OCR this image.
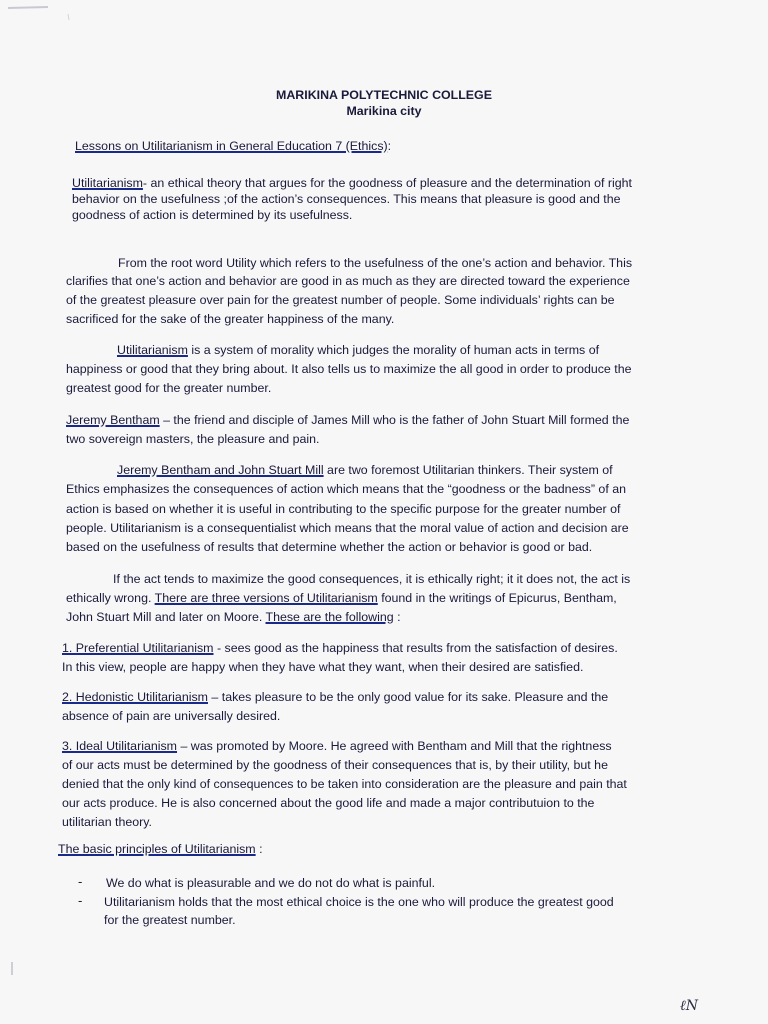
MARIKINA POLYTECHNIC COLLEGE
Marikina city
Lessons on Utilitarianism in General Education 7 (Ethics):
Utilitarianism- an ethical theory that argues for the goodness of pleasure and the determination of right
behavior on the usefulness ;of the action’s consequences. This means that pleasure is good and the
goodness of action is determined by its usefulness.
From the root word Utility which refers to the usefulness of the one’s action and behavior. This
clarifies that one’s action and behavior are good in as much as they are directed toward the experience
of the greatest pleasure over pain for the greatest number of people. Some individuals’ rights can be
sacrificed for the sake of the greater happiness of the many.
Utilitarianism is a system of morality which judges the morality of human acts in terms of
happiness or good that they bring about. It also tells us to maximize the all good in order to produce the
greatest good for the greater number.
Jeremy Bentham – the friend and disciple of James Mill who is the father of John Stuart Mill formed the
two sovereign masters, the pleasure and pain.
Jeremy Bentham and John Stuart Mill are two foremost Utilitarian thinkers. Their system of
Ethics emphasizes the consequences of action which means that the “goodness or the badness” of an
action is based on whether it is useful in contributing to the specific purpose for the greater number of
people. Utilitarianism is a consequentialist which means that the moral value of action and decision are
based on the usefulness of results that determine whether the action or behavior is good or bad.
If the act tends to maximize the good consequences, it is ethically right; it it does not, the act is
ethically wrong. There are three versions of Utilitarianism found in the writings of Epicurus, Bentham,
John Stuart Mill and later on Moore. These are the following :
1. Preferential Utilitarianism - sees good as the happiness that results from the satisfaction of desires.
In this view, people are happy when they have what they want, when their desired are satisfied.
2. Hedonistic Utilitarianism – takes pleasure to be the only good value for its sake. Pleasure and the
absence of pain are universally desired.
3. Ideal Utilitarianism – was promoted by Moore. He agreed with Bentham and Mill that the rightness
of our acts must be determined by the goodness of their consequences that is, by their utility, but he
denied that the only kind of consequences to be taken into consideration are the pleasure and pain that
our acts produce. He is also concerned about the good life and made a major contributuion to the
utilitarian theory.
The basic principles of Utilitarianism :
- We do what is pleasurable and we do not do what is painful.
- Utilitarianism holds that the most ethical choice is the one who will produce the greatest good
for the greatest number.
ℓN
